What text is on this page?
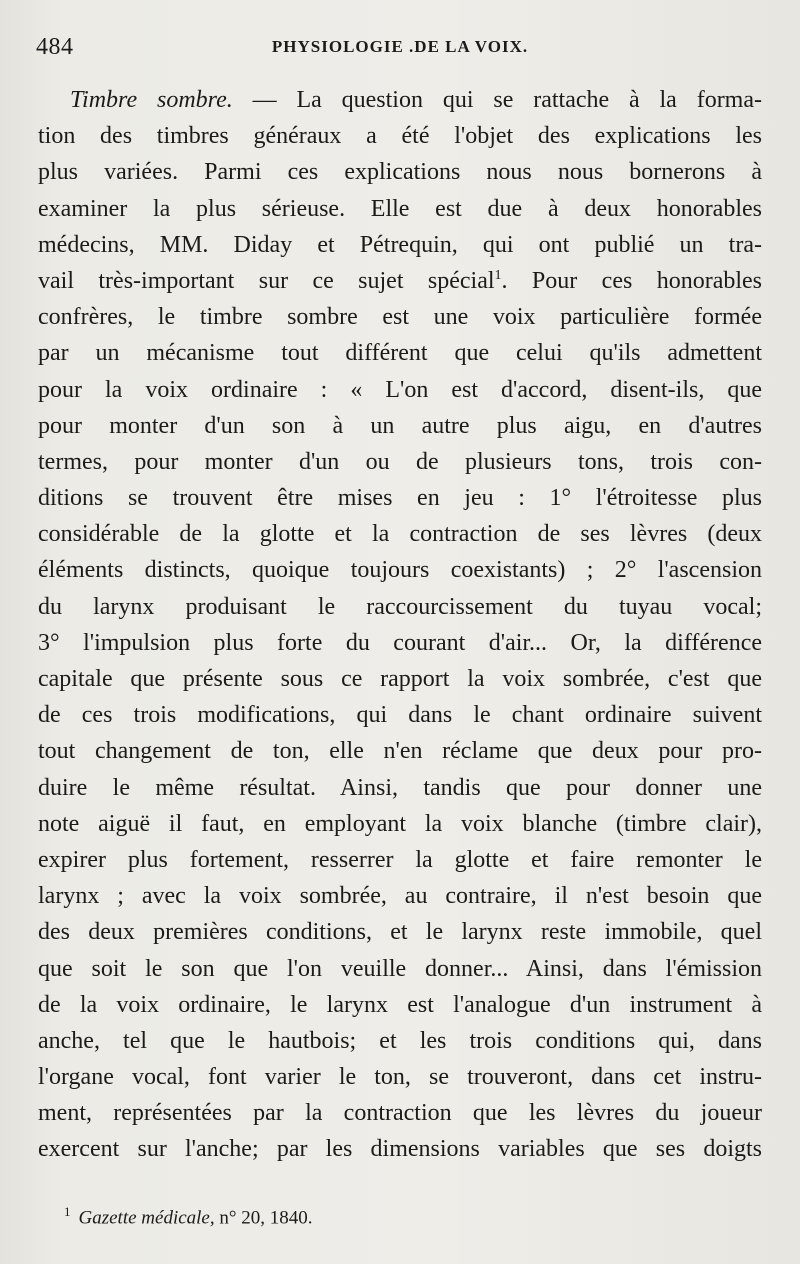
484	PHYSIOLOGIE .DE LA VOIX.
Timbre sombre. — La question qui se rattache à la forma-
tion des timbres généraux a été l'objet des explications les
plus variées. Parmi ces explications nous nous bornerons à
examiner la plus sérieuse. Elle est due à deux honorables
médecins, MM. Diday et Pétrequin, qui ont publié un tra-
vail très-important sur ce sujet spécial$^1$. Pour ces honorables
confrères, le timbre sombre est une voix particulière formée
par un mécanisme tout différent que celui qu'ils admettent
pour la voix ordinaire : « L'on est d'accord, disent-ils, que
pour monter d'un son à un autre plus aigu, en d'autres
termes, pour monter d'un ou de plusieurs tons, trois con-
ditions se trouvent être mises en jeu : 1° l'étroitesse plus
considérable de la glotte et la contraction de ses lèvres (deux
éléments distincts, quoique toujours coexistants) ; 2° l'ascension
du larynx produisant le raccourcissement du tuyau vocal;
3° l'impulsion plus forte du courant d'air... Or, la différence
capitale que présente sous ce rapport la voix sombrée, c'est que
de ces trois modifications, qui dans le chant ordinaire suivent
tout changement de ton, elle n'en réclame que deux pour pro-
duire le même résultat. Ainsi, tandis que pour donner une
note aiguë il faut, en employant la voix blanche (timbre clair),
expirer plus fortement, resserrer la glotte et faire remonter le
larynx ; avec la voix sombrée, au contraire, il n'est besoin que
des deux premières conditions, et le larynx reste immobile, quel
que soit le son que l'on veuille donner... Ainsi, dans l'émission
de la voix ordinaire, le larynx est l'analogue d'un instrument à
anche, tel que le hautbois; et les trois conditions qui, dans
l'organe vocal, font varier le ton, se trouveront, dans cet instru-
ment, représentées par la contraction que les lèvres du joueur
exercent sur l'anche; par les dimensions variables que ses doigts
$^1$ Gazette médicale, n° 20, 1840.
